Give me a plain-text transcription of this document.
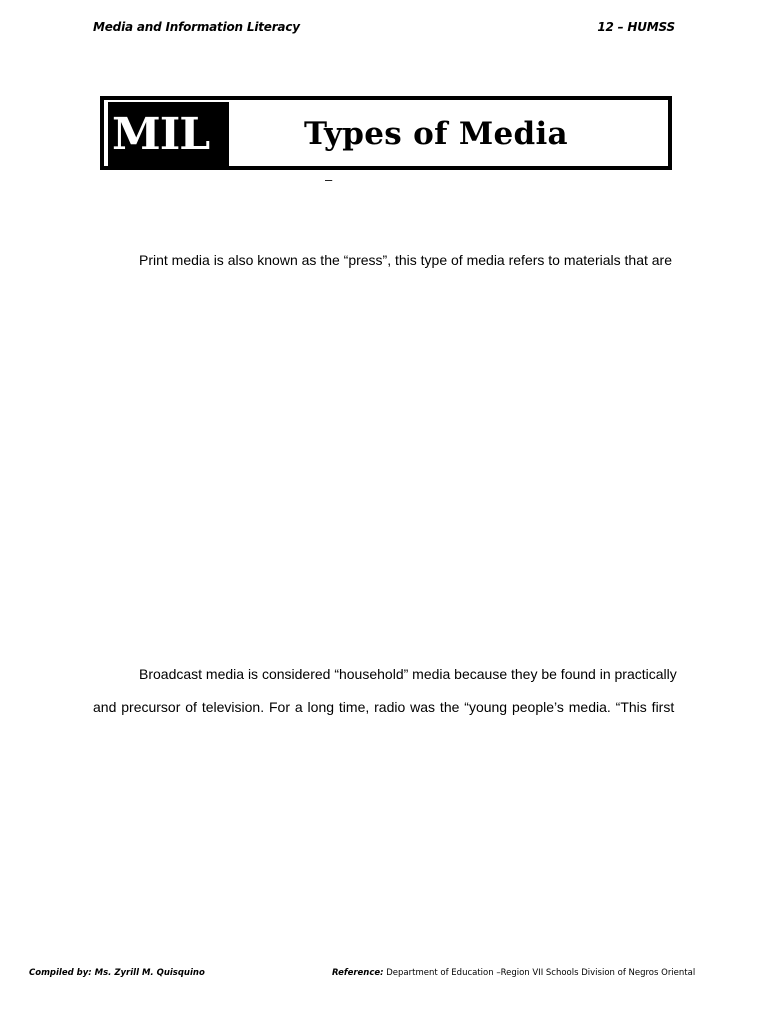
Media and Information Literacy	12 – HUMSS
MIL	Types of Media
–
Print media is also known as the “press”, this type of media refers to materials that are
Broadcast media is considered “household” media because they be found in practically
and precursor of television. For a long time, radio was the “young people’s media. “This first
Compiled by: Ms. Zyrill M. Quisquino	Reference: Department of Education –Region VII Schools Division of Negros Oriental
